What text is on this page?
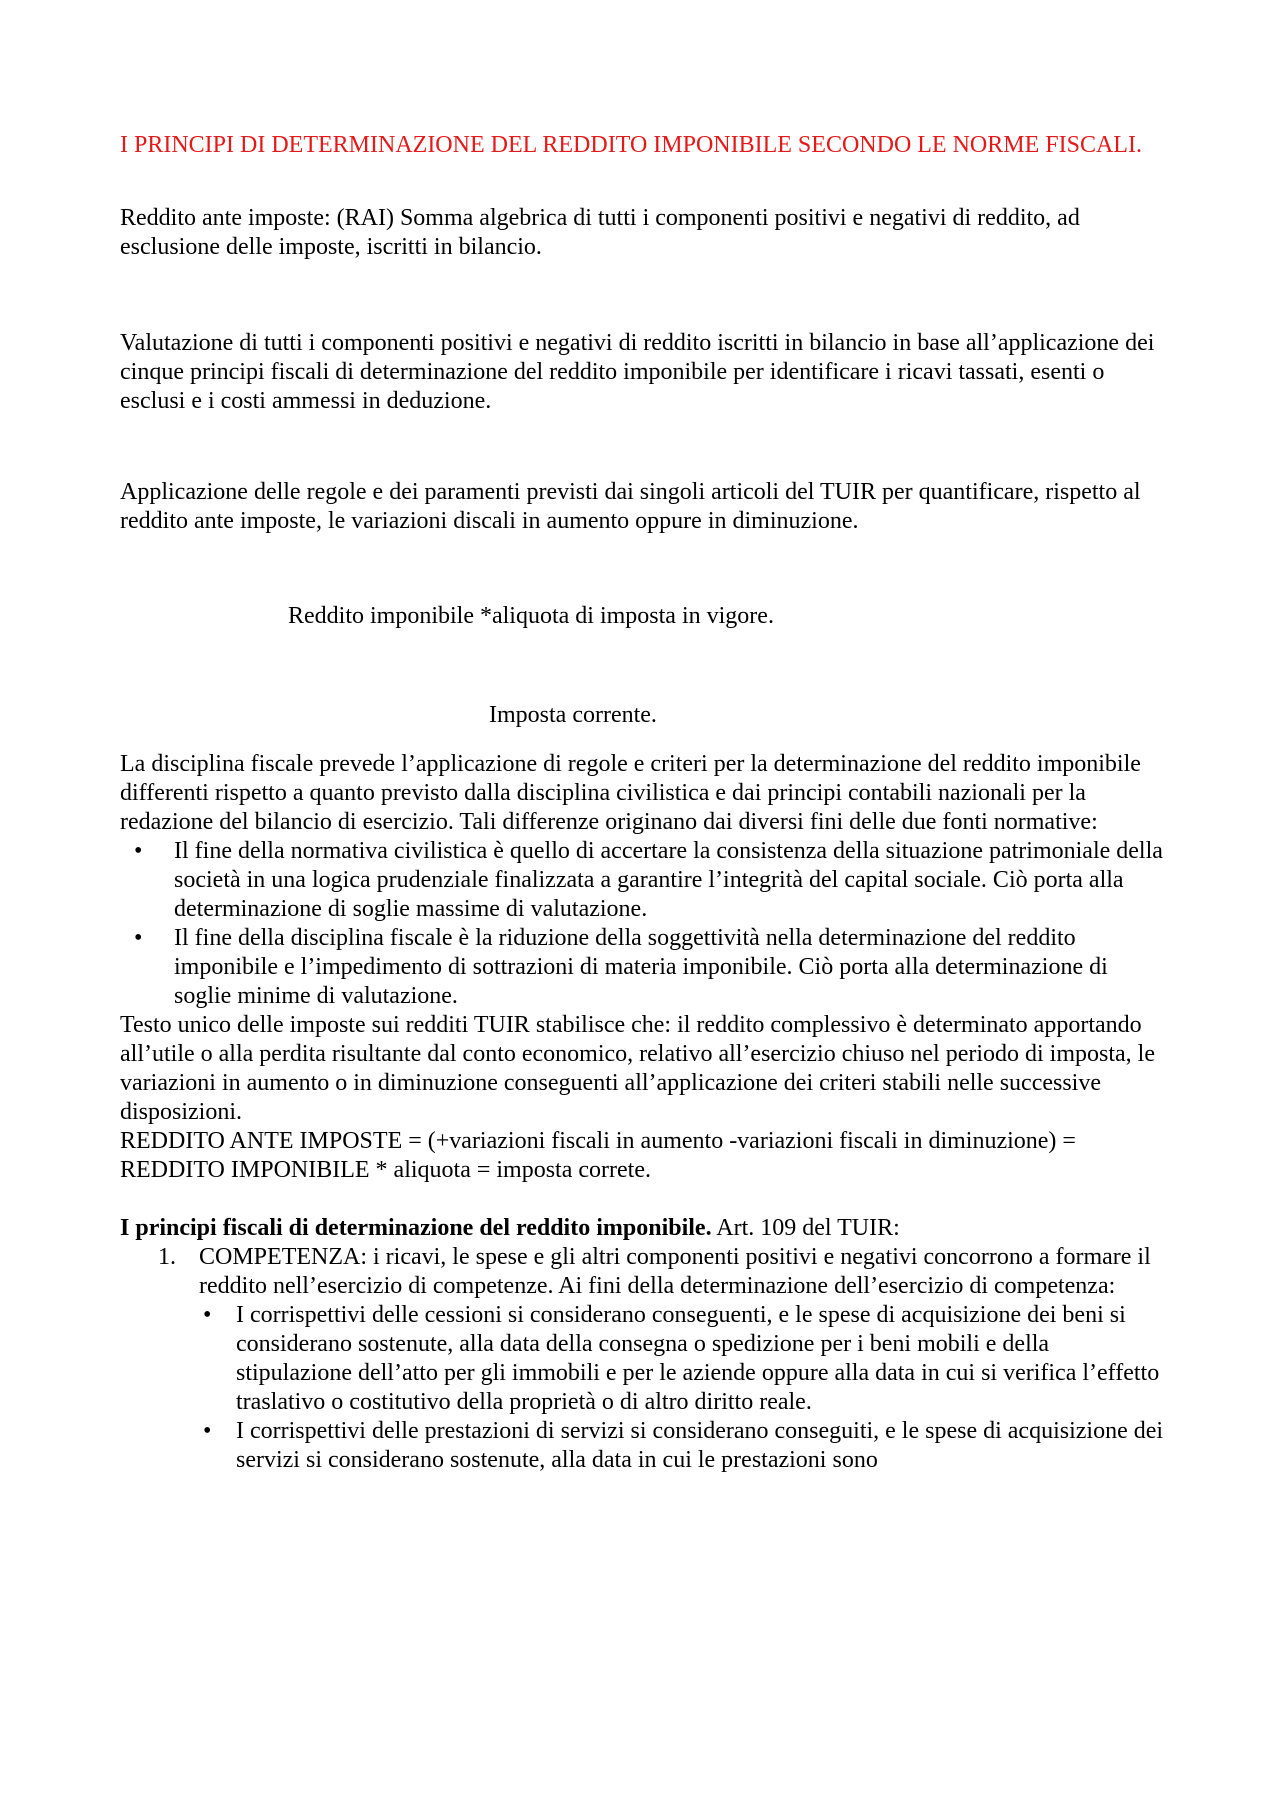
I PRINCIPI DI DETERMINAZIONE DEL REDDITO IMPONIBILE SECONDO LE NORME FISCALI.

Reddito ante imposte: (RAI) Somma algebrica di tutti i componenti positivi e negativi di reddito, ad esclusione delle imposte, iscritti in bilancio.

Valutazione di tutti i componenti positivi e negativi di reddito iscritti in bilancio in base all’applicazione dei cinque principi fiscali di determinazione del reddito imponibile per identificare i ricavi tassati, esenti o esclusi e i costi ammessi in deduzione.

Applicazione delle regole e dei paramenti previsti dai singoli articoli del TUIR per quantificare, rispetto al reddito ante imposte, le variazioni discali in aumento oppure in diminuzione.

Reddito imponibile *aliquota di imposta in vigore.

Imposta corrente.

La disciplina fiscale prevede l’applicazione di regole e criteri per la determinazione del reddito imponibile differenti rispetto a quanto previsto dalla disciplina civilistica e dai principi contabili nazionali per la redazione del bilancio di esercizio. Tali differenze originano dai diversi fini delle due fonti normative:

• Il fine della normativa civilistica è quello di accertare la consistenza della situazione patrimoniale della società in una logica prudenziale finalizzata a garantire l’integrità del capital sociale. Ciò porta alla determinazione di soglie massime di valutazione.
• Il fine della disciplina fiscale è la riduzione della soggettività nella determinazione del reddito imponibile e l’impedimento di sottrazioni di materia imponibile. Ciò porta alla determinazione di soglie minime di valutazione.

Testo unico delle imposte sui redditi TUIR stabilisce che: il reddito complessivo è determinato apportando all’utile o alla perdita risultante dal conto economico, relativo all’esercizio chiuso nel periodo di imposta, le variazioni in aumento o in diminuzione conseguenti all’applicazione dei criteri stabili nelle successive disposizioni.

REDDITO ANTE IMPOSTE = (+variazioni fiscali in aumento -variazioni fiscali in diminuzione) = REDDITO IMPONIBILE * aliquota = imposta correte.

I principi fiscali di determinazione del reddito imponibile. Art. 109 del TUIR:

1. COMPETENZA: i ricavi, le spese e gli altri componenti positivi e negativi concorrono a formare il reddito nell’esercizio di competenze. Ai fini della determinazione dell’esercizio di competenza:
• I corrispettivi delle cessioni si considerano conseguenti, e le spese di acquisizione dei beni si considerano sostenute, alla data della consegna o spedizione per i beni mobili e della stipulazione dell’atto per gli immobili e per le aziende oppure alla data in cui si verifica l’effetto traslativo o costitutivo della proprietà o di altro diritto reale.
• I corrispettivi delle prestazioni di servizi si considerano conseguiti, e le spese di acquisizione dei servizi si considerano sostenute, alla data in cui le prestazioni sono
